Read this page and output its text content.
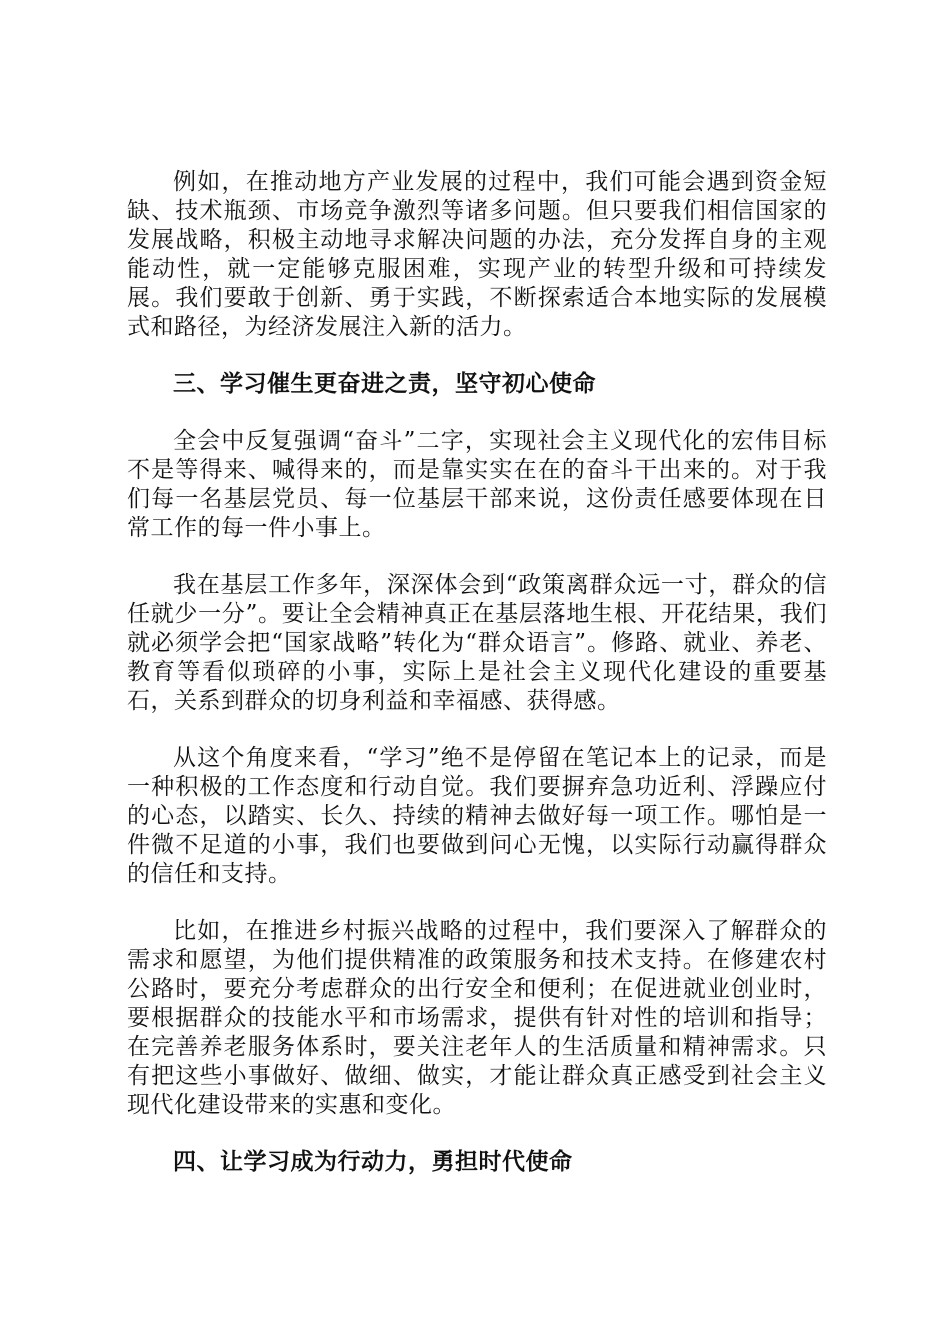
例如，在推动地方产业发展的过程中，我们可能会遇到资金短缺、技术瓶颈、市场竞争激烈等诸多问题。但只要我们相信国家的发展战略，积极主动地寻求解决问题的办法，充分发挥自身的主观能动性，就一定能够克服困难，实现产业的转型升级和可持续发展。我们要敢于创新、勇于实践，不断探索适合本地实际的发展模式和路径，为经济发展注入新的活力。

三、学习催生更奋进之责，坚守初心使命

全会中反复强调“奋斗”二字，实现社会主义现代化的宏伟目标不是等得来、喊得来的，而是靠实实在在的奋斗干出来的。对于我们每一名基层党员、每一位基层干部来说，这份责任感要体现在日常工作的每一件小事上。

我在基层工作多年，深深体会到“政策离群众远一寸，群众的信任就少一分”。要让全会精神真正在基层落地生根、开花结果，我们就必须学会把“国家战略”转化为“群众语言”。修路、就业、养老、教育等看似琐碎的小事，实际上是社会主义现代化建设的重要基石，关系到群众的切身利益和幸福感、获得感。

从这个角度来看，“学习”绝不是停留在笔记本上的记录，而是一种积极的工作态度和行动自觉。我们要摒弃急功近利、浮躁应付的心态，以踏实、长久、持续的精神去做好每一项工作。哪怕是一件微不足道的小事，我们也要做到问心无愧，以实际行动赢得群众的信任和支持。

比如，在推进乡村振兴战略的过程中，我们要深入了解群众的需求和愿望，为他们提供精准的政策服务和技术支持。在修建农村公路时，要充分考虑群众的出行安全和便利；在促进就业创业时，要根据群众的技能水平和市场需求，提供有针对性的培训和指导；在完善养老服务体系时，要关注老年人的生活质量和精神需求。只有把这些小事做好、做细、做实，才能让群众真正感受到社会主义现代化建设带来的实惠和变化。

四、让学习成为行动力，勇担时代使命
